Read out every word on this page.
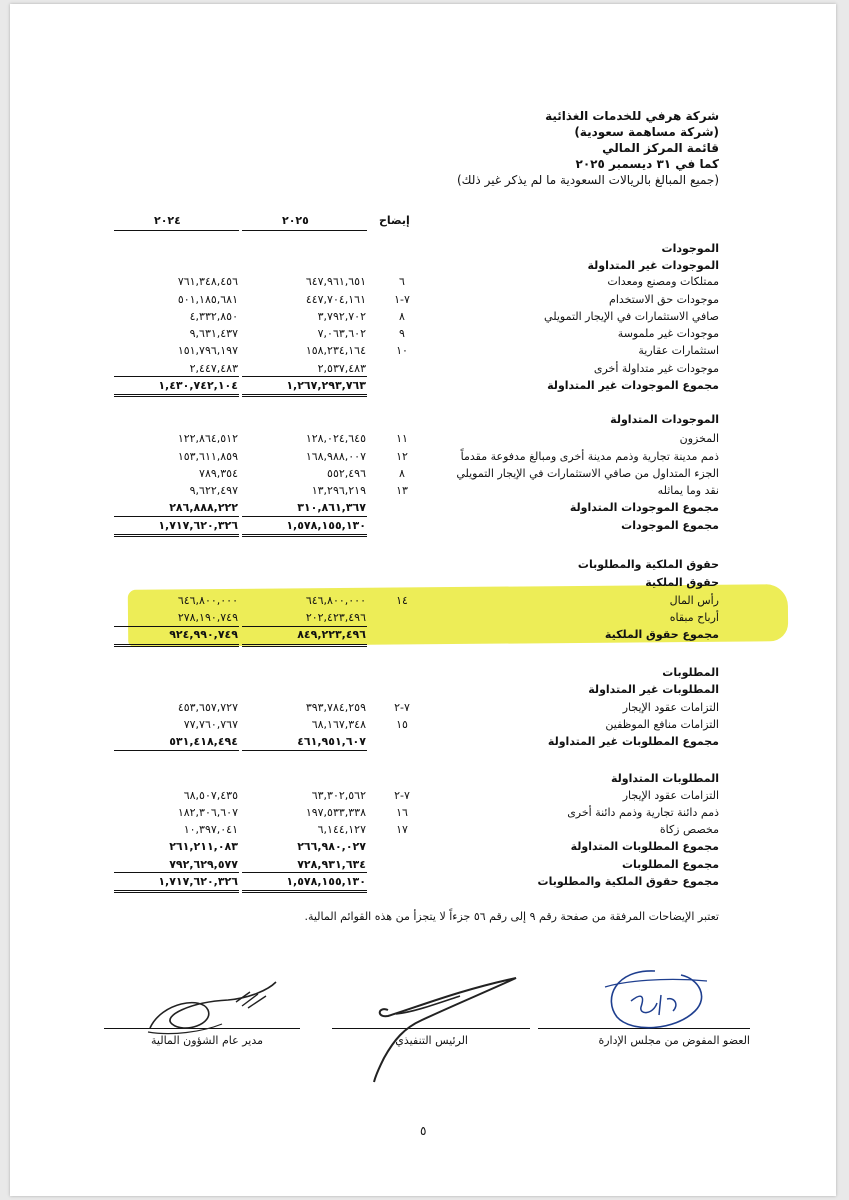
شركة هرفي للخدمات الغذائية
(شركة مساهمة سعودية)
قائمة المركز المالي
كما في ٣١ ديسمبر ٢٠٢٥
(جميع المبالغ بالريالات السعودية ما لم يذكر غير ذلك)
إيضاح
٢٠٢٥
٢٠٢٤
الموجودات
الموجودات غير المتداولة
ممتلكات ومصنع ومعدات
٦
٦٤٧,٩٦١,٦٥١
٧٦١,٣٤٨,٤٥٦
موجودات حق الاستخدام
٧-١
٤٤٧,٧٠٤,١٦١
٥٠١,١٨٥,٦٨١
صافي الاستثمارات في الإيجار التمويلي
٨
٣,٧٩٢,٧٠٢
٤,٣٣٢,٨٥٠
موجودات غير ملموسة
٩
٧,٠٦٣,٦٠٢
٩,٦٣١,٤٣٧
استثمارات عقارية
١٠
١٥٨,٢٣٤,١٦٤
١٥١,٧٩٦,١٩٧
موجودات غير متداولة أخرى
٢,٥٣٧,٤٨٣
٢,٤٤٧,٤٨٣
مجموع الموجودات غير المتداولة
١,٢٦٧,٢٩٣,٧٦٣
١,٤٣٠,٧٤٢,١٠٤
الموجودات المتداولة
المخزون
١١
١٢٨,٠٢٤,٦٤٥
١٢٢,٨٦٤,٥١٢
ذمم مدينة تجارية وذمم مدينة أخرى ومبالغ مدفوعة مقدماً
١٢
١٦٨,٩٨٨,٠٠٧
١٥٣,٦١١,٨٥٩
الجزء المتداول من صافي الاستثمارات في الإيجار التمويلي
٨
٥٥٢,٤٩٦
٧٨٩,٣٥٤
نقد وما يماثله
١٣
١٣,٢٩٦,٢١٩
٩,٦٢٢,٤٩٧
مجموع الموجودات المتداولة
٣١٠,٨٦١,٣٦٧
٢٨٦,٨٨٨,٢٢٢
مجموع الموجودات
١,٥٧٨,١٥٥,١٣٠
١,٧١٧,٦٢٠,٣٢٦
حقوق الملكية والمطلوبات
حقوق الملكية
رأس المال
١٤
٦٤٦,٨٠٠,٠٠٠
٦٤٦,٨٠٠,٠٠٠
أرباح مبقاه
٢٠٢,٤٢٣,٤٩٦
٢٧٨,١٩٠,٧٤٩
مجموع حقوق الملكية
٨٤٩,٢٢٣,٤٩٦
٩٢٤,٩٩٠,٧٤٩
المطلوبات
المطلوبات غير المتداولة
التزامات عقود الإيجار
٧-٢
٣٩٣,٧٨٤,٢٥٩
٤٥٣,٦٥٧,٧٢٧
التزامات منافع الموظفين
١٥
٦٨,١٦٧,٣٤٨
٧٧,٧٦٠,٧٦٧
مجموع المطلوبات غير المتداولة
٤٦١,٩٥١,٦٠٧
٥٣١,٤١٨,٤٩٤
المطلوبات المتداولة
التزامات عقود الإيجار
٧-٢
٦٣,٣٠٢,٥٦٢
٦٨,٥٠٧,٤٣٥
ذمم دائنة تجارية وذمم دائنة أخرى
١٦
١٩٧,٥٣٣,٣٣٨
١٨٢,٣٠٦,٦٠٧
مخصص زكاة
١٧
٦,١٤٤,١٢٧
١٠,٣٩٧,٠٤١
مجموع المطلوبات المتداولة
٢٦٦,٩٨٠,٠٢٧
٢٦١,٢١١,٠٨٣
مجموع المطلوبات
٧٢٨,٩٣١,٦٣٤
٧٩٢,٦٢٩,٥٧٧
مجموع حقوق الملكية والمطلوبات
١,٥٧٨,١٥٥,١٣٠
١,٧١٧,٦٢٠,٣٢٦
تعتبر الإيضاحات المرفقة من صفحة رقم ٩ إلى رقم ٥٦ جزءاً لا يتجزأ من هذه القوائم المالية.
العضو المفوض من مجلس الإدارة
الرئيس التنفيذي
مدير عام الشؤون المالية
٥
